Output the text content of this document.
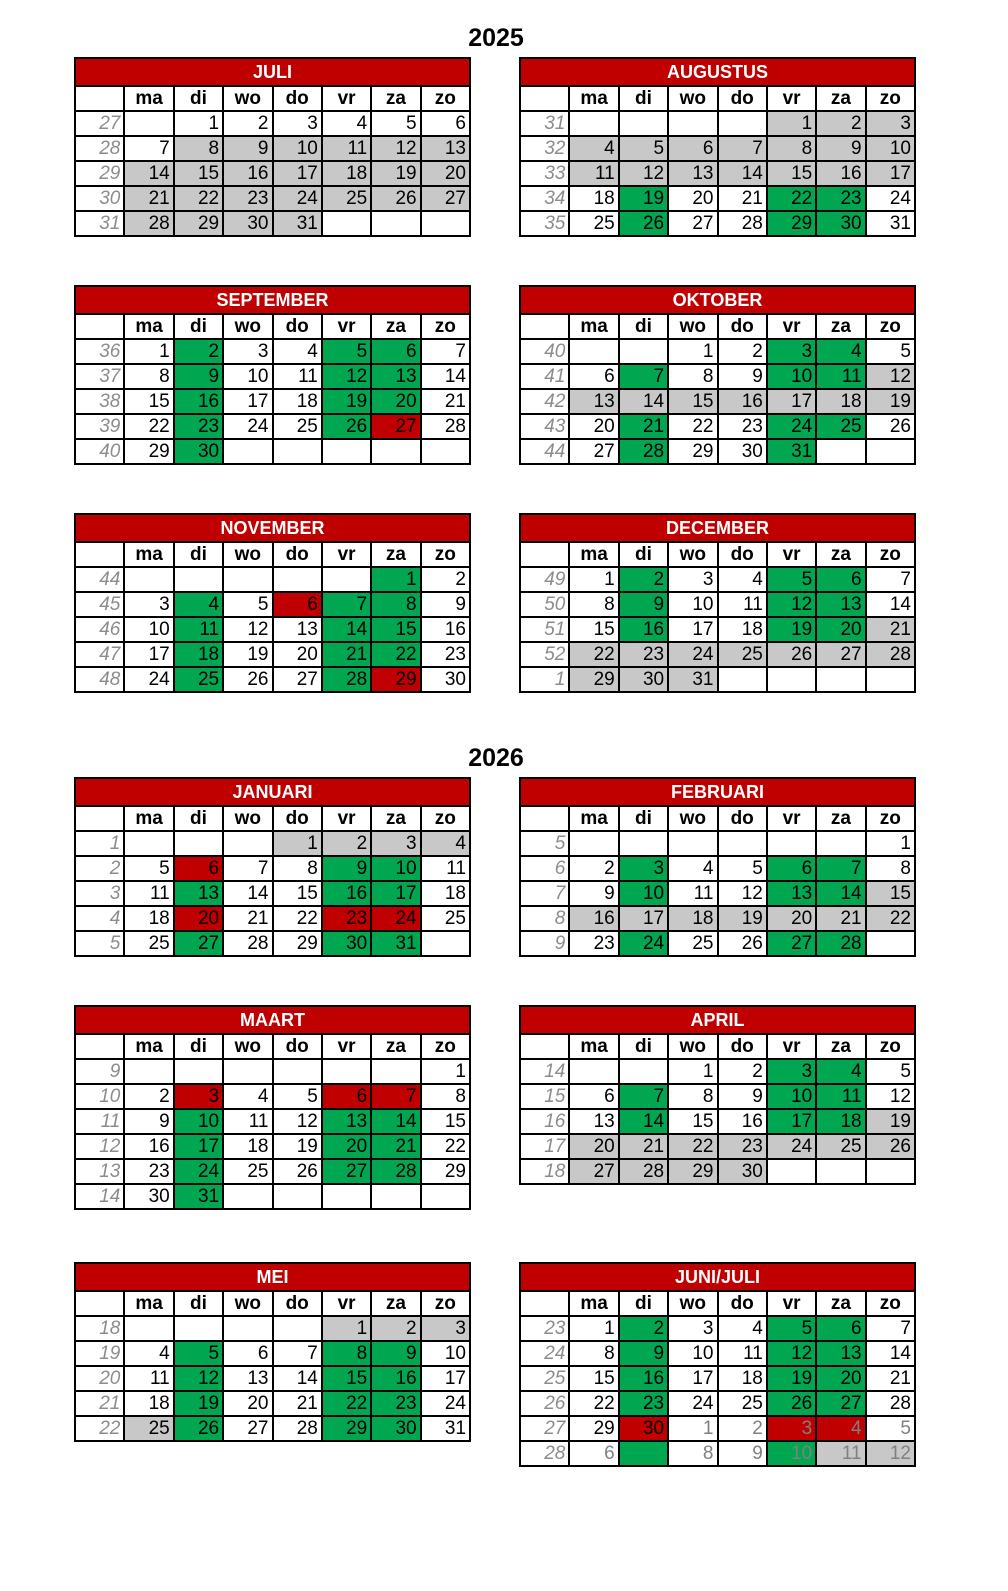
2025
2026
JULI							
	ma	di	wo	do	vr	za	zo
27		1	2	3	4	5	6
28	7	8	9	10	11	12	13
29	14	15	16	17	18	19	20
30	21	22	23	24	25	26	27
31	28	29	30	31			
AUGUSTUS							
	ma	di	wo	do	vr	za	zo
31					1	2	3
32	4	5	6	7	8	9	10
33	11	12	13	14	15	16	17
34	18	19	20	21	22	23	24
35	25	26	27	28	29	30	31
SEPTEMBER							
	ma	di	wo	do	vr	za	zo
36	1	2	3	4	5	6	7
37	8	9	10	11	12	13	14
38	15	16	17	18	19	20	21
39	22	23	24	25	26	27	28
40	29	30					
OKTOBER							
	ma	di	wo	do	vr	za	zo
40			1	2	3	4	5
41	6	7	8	9	10	11	12
42	13	14	15	16	17	18	19
43	20	21	22	23	24	25	26
44	27	28	29	30	31		
NOVEMBER							
	ma	di	wo	do	vr	za	zo
44						1	2
45	3	4	5	6	7	8	9
46	10	11	12	13	14	15	16
47	17	18	19	20	21	22	23
48	24	25	26	27	28	29	30
DECEMBER							
	ma	di	wo	do	vr	za	zo
49	1	2	3	4	5	6	7
50	8	9	10	11	12	13	14
51	15	16	17	18	19	20	21
52	22	23	24	25	26	27	28
1	29	30	31				
JANUARI							
	ma	di	wo	do	vr	za	zo
1				1	2	3	4
2	5	6	7	8	9	10	11
3	11	13	14	15	16	17	18
4	18	20	21	22	23	24	25
5	25	27	28	29	30	31	
FEBRUARI							
	ma	di	wo	do	vr	za	zo
5							1
6	2	3	4	5	6	7	8
7	9	10	11	12	13	14	15
8	16	17	18	19	20	21	22
9	23	24	25	26	27	28	
MAART							
	ma	di	wo	do	vr	za	zo
9							1
10	2	3	4	5	6	7	8
11	9	10	11	12	13	14	15
12	16	17	18	19	20	21	22
13	23	24	25	26	27	28	29
14	30	31					
APRIL							
	ma	di	wo	do	vr	za	zo
14			1	2	3	4	5
15	6	7	8	9	10	11	12
16	13	14	15	16	17	18	19
17	20	21	22	23	24	25	26
18	27	28	29	30			
MEI							
	ma	di	wo	do	vr	za	zo
18					1	2	3
19	4	5	6	7	8	9	10
20	11	12	13	14	15	16	17
21	18	19	20	21	22	23	24
22	25	26	27	28	29	30	31
JUNI/JULI							
	ma	di	wo	do	vr	za	zo
23	1	2	3	4	5	6	7
24	8	9	10	11	12	13	14
25	15	16	17	18	19	20	21
26	22	23	24	25	26	27	28
27	29	30	1	2	3	4	5
28	6		8	9	10	11	12
